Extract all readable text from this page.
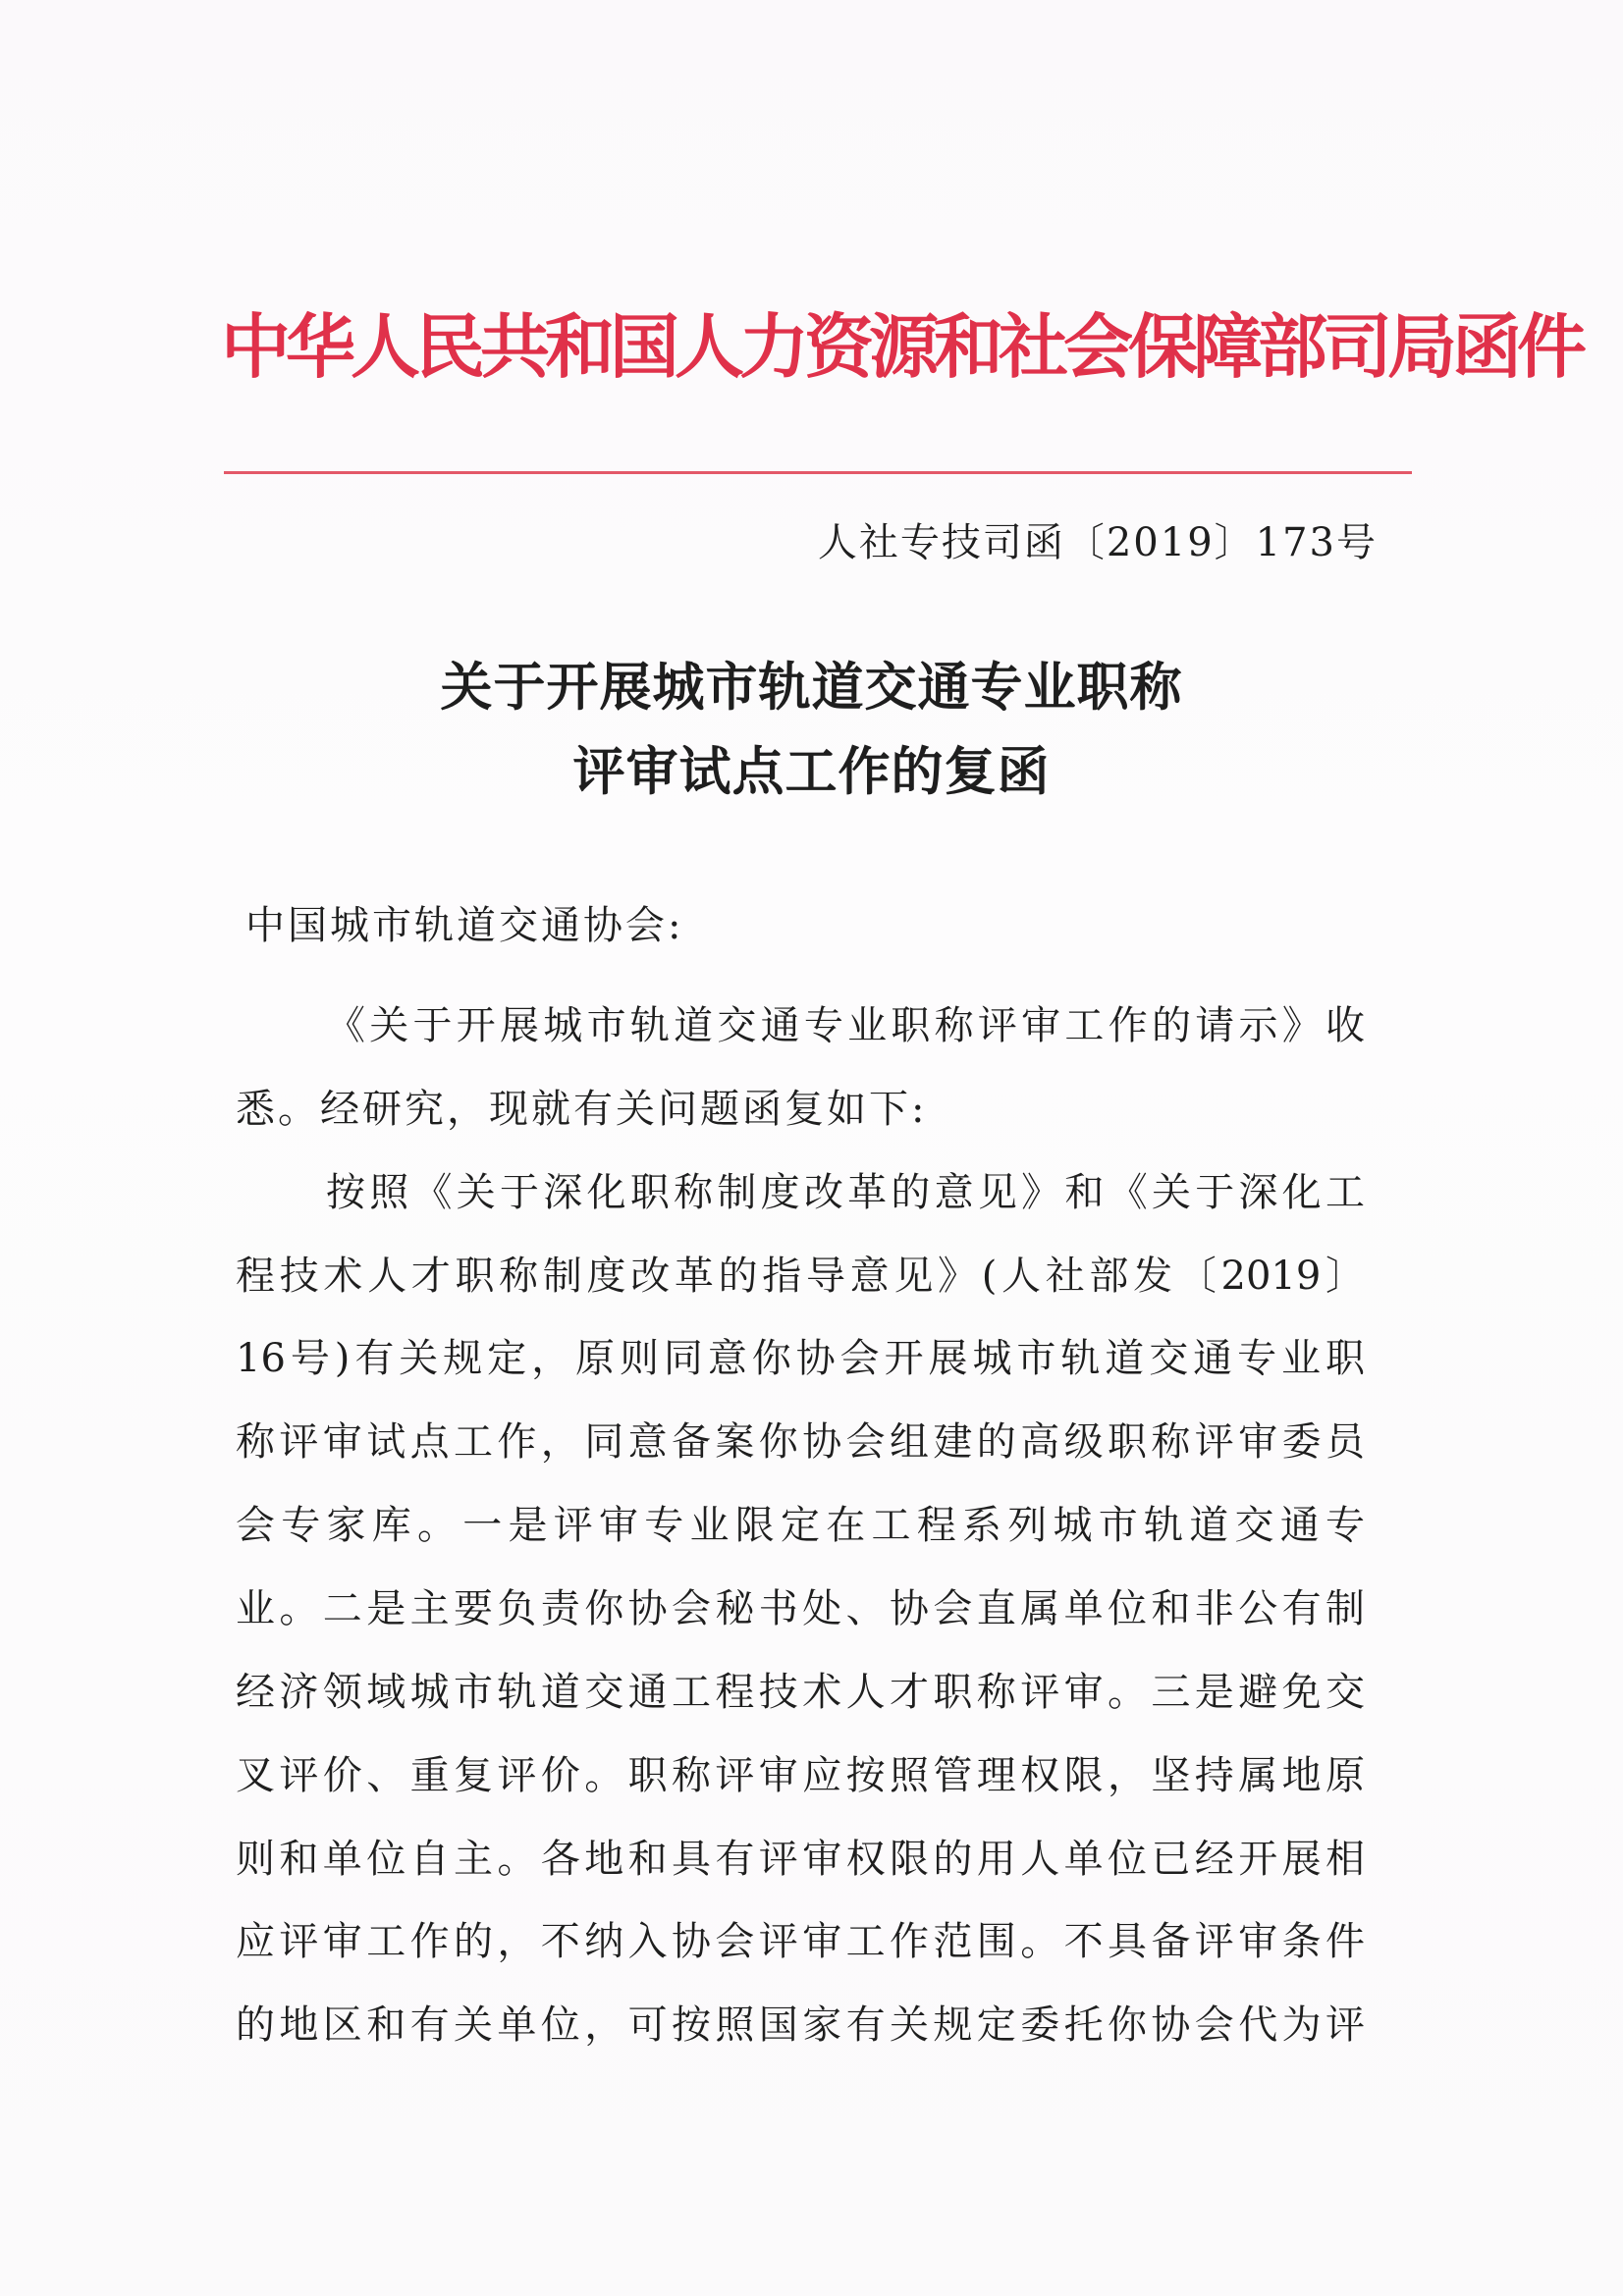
中华人民共和国人力资源和社会保障部司局函件
人社专技司函〔2019〕173号
关于开展城市轨道交通专业职称
评审试点工作的复函
中国城市轨道交通协会:
《关于开展城市轨道交通专业职称评审工作的请示》收
悉。经研究，现就有关问题函复如下:
按照《关于深化职称制度改革的意见》和《关于深化工
程技术人才职称制度改革的指导意见》(人社部发〔2019〕
16号)有关规定，原则同意你协会开展城市轨道交通专业职
称评审试点工作，同意备案你协会组建的高级职称评审委员
会专家库。一是评审专业限定在工程系列城市轨道交通专
业。二是主要负责你协会秘书处、协会直属单位和非公有制
经济领域城市轨道交通工程技术人才职称评审。三是避免交
叉评价、重复评价。职称评审应按照管理权限，坚持属地原
则和单位自主。各地和具有评审权限的用人单位已经开展相
应评审工作的，不纳入协会评审工作范围。不具备评审条件
的地区和有关单位，可按照国家有关规定委托你协会代为评
